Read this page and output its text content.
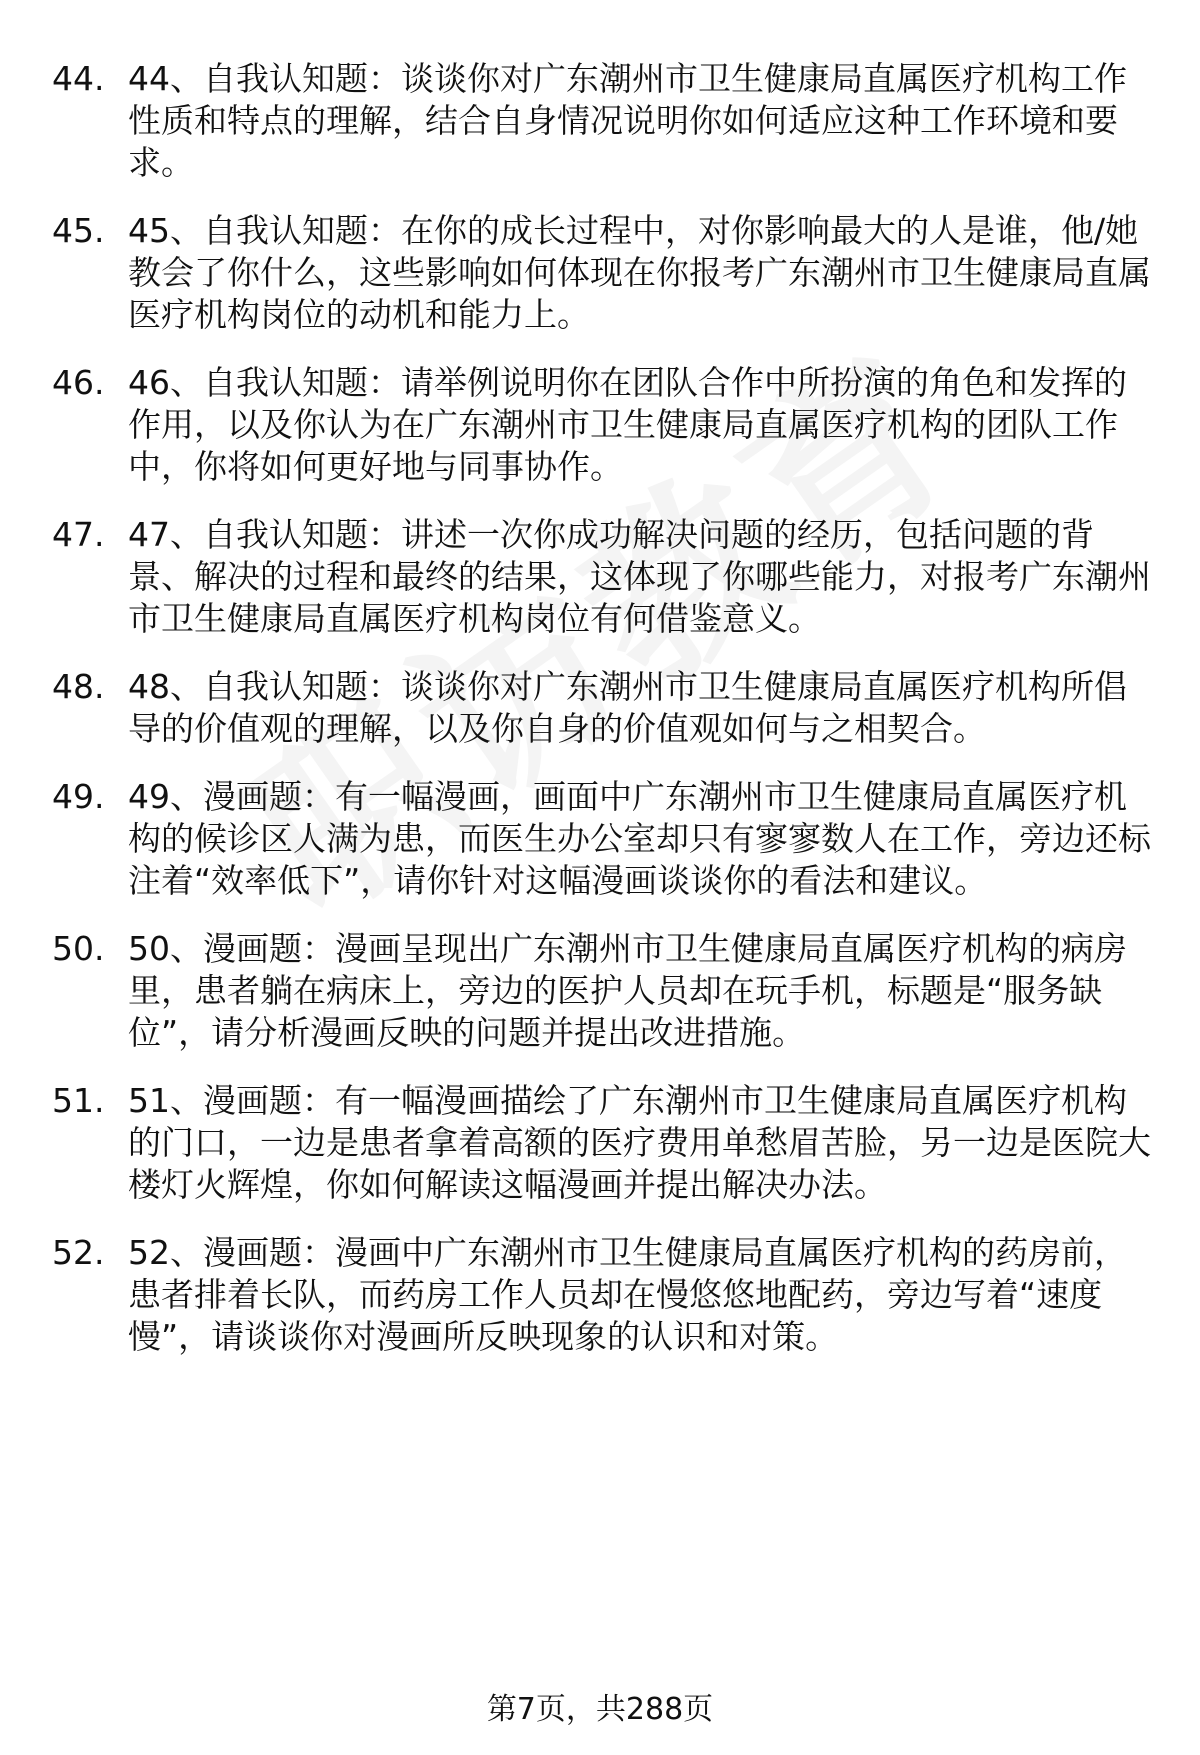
44. 44、自我认知题：谈谈你对广东潮州市卫生健康局直属医疗机构工作性质和特点的理解，结合自身情况说明你如何适应这种工作环境和要求。
45. 45、自我认知题：在你的成长过程中，对你影响最大的人是谁，他/她教会了你什么，这些影响如何体现在你报考广东潮州市卫生健康局直属医疗机构岗位的动机和能力上。
46. 46、自我认知题：请举例说明你在团队合作中所扮演的角色和发挥的作用，以及你认为在广东潮州市卫生健康局直属医疗机构的团队工作中，你将如何更好地与同事协作。
47. 47、自我认知题：讲述一次你成功解决问题的经历，包括问题的背景、解决的过程和最终的结果，这体现了你哪些能力，对报考广东潮州市卫生健康局直属医疗机构岗位有何借鉴意义。
48. 48、自我认知题：谈谈你对广东潮州市卫生健康局直属医疗机构所倡导的价值观的理解，以及你自身的价值观如何与之相契合。
49. 49、漫画题：有一幅漫画，画面中广东潮州市卫生健康局直属医疗机构的候诊区人满为患，而医生办公室却只有寥寥数人在工作，旁边还标注着“效率低下”，请你针对这幅漫画谈谈你的看法和建议。
50. 50、漫画题：漫画呈现出广东潮州市卫生健康局直属医疗机构的病房里，患者躺在病床上，旁边的医护人员却在玩手机，标题是“服务缺位”，请分析漫画反映的问题并提出改进措施。
51. 51、漫画题：有一幅漫画描绘了广东潮州市卫生健康局直属医疗机构的门口，一边是患者拿着高额的医疗费用单愁眉苦脸，另一边是医院大楼灯火辉煌，你如何解读这幅漫画并提出解决办法。
52. 52、漫画题：漫画中广东潮州市卫生健康局直属医疗机构的药房前，患者排着长队，而药房工作人员却在慢悠悠地配药，旁边写着“速度慢”，请谈谈你对漫画所反映现象的认识和对策。
第7页，共288页
